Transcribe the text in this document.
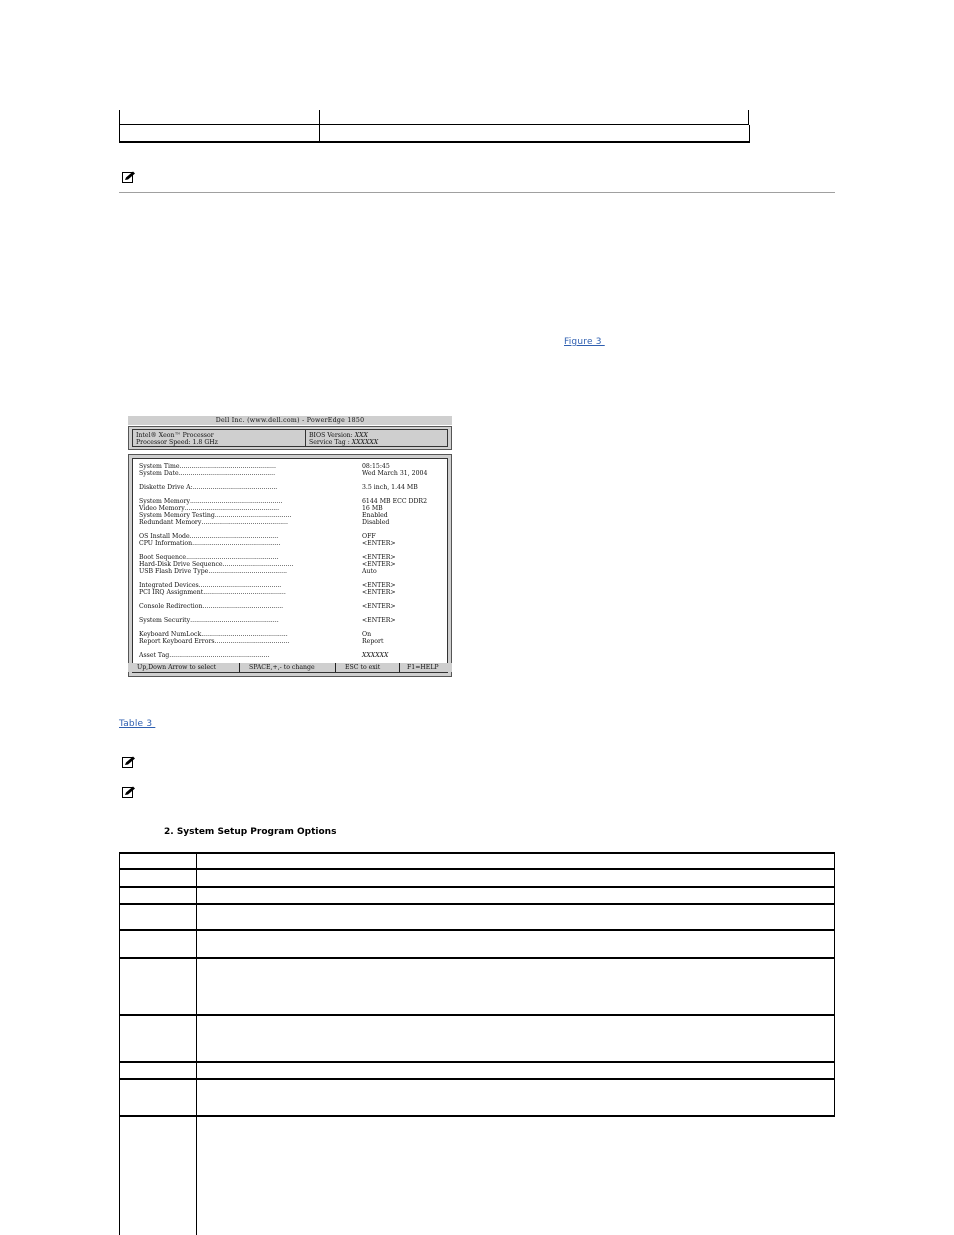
Figure 3
Dell Inc. (www.dell.com) - PowerEdge 1850
Intel® Xeon™ Processor
Processor Speed: 1.8 GHz
BIOS Version: XXX
Service Tag : XXXXXX
System Time.................................................	08:15:45
System Date.................................................	Wed March 31, 2004
Diskette Drive A:...........................................	3.5 inch, 1.44 MB
System Memory...............................................	6144 MB ECC DDR2
Video Memory................................................	16 MB
System Memory Testing.......................................	Enabled
Redundant Memory............................................	Disabled
OS Install Mode.............................................	OFF
CPU Information.............................................	<ENTER>
Boot Sequence...............................................	<ENTER>
Hard-Disk Drive Sequence....................................	<ENTER>
USB Flash Drive Type........................................	Auto
Integrated Devices..........................................	<ENTER>
PCI IRQ Assignment..........................................	<ENTER>
Console Redirection.........................................	<ENTER>
System Security.............................................	<ENTER>
Keyboard NumLock............................................	On
Report Keyboard Errors......................................	Report
Asset Tag...................................................	XXXXXX
Up,Down Arrow to select	SPACE,+,- to change	ESC to exit	F1=HELP
Table 3
2. System Setup Program Options
